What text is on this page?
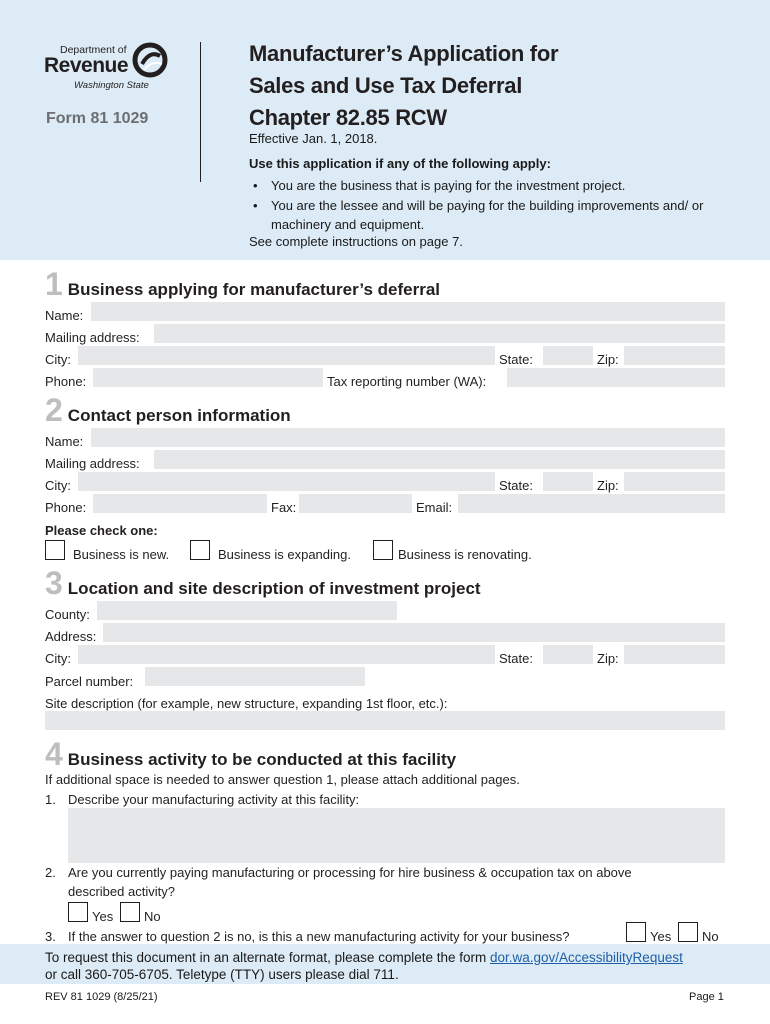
Department of
Revenue
Washington State
Form 81 1029
Manufacturer’s Application for
Sales and Use Tax Deferral
Chapter 82.85 RCW
Effective Jan. 1, 2018.
Use this application if any of the following apply:
• You are the business that is paying for the investment project.
• You are the lessee and will be paying for the building improvements and/ or machinery and equipment.
See complete instructions on page 7.
1 Business applying for manufacturer’s deferral
Name:
Mailing address:
City:	State:	Zip:
Phone:	Tax reporting number (WA):
2 Contact person information
Name:
Mailing address:
City:	State:	Zip:
Phone:	Fax:	Email:
Please check one:
Business is new.	Business is expanding.	Business is renovating.
3 Location and site description of investment project
County:
Address:
City:	State:	Zip:
Parcel number:
Site description (for example, new structure, expanding 1st floor, etc.):
4 Business activity to be conducted at this facility
If additional space is needed to answer question 1, please attach additional pages.
1. Describe your manufacturing activity at this facility:
2. Are you currently paying manufacturing or processing for hire business & occupation tax on above
described activity?
Yes No
3. If the answer to question 2 is no, is this a new manufacturing activity for your business?	Yes No
To request this document in an alternate format, please complete the form dor.wa.gov/AccessibilityRequest
or call 360-705-6705. Teletype (TTY) users please dial 711.
REV 81 1029 (8/25/21)	Page 1
